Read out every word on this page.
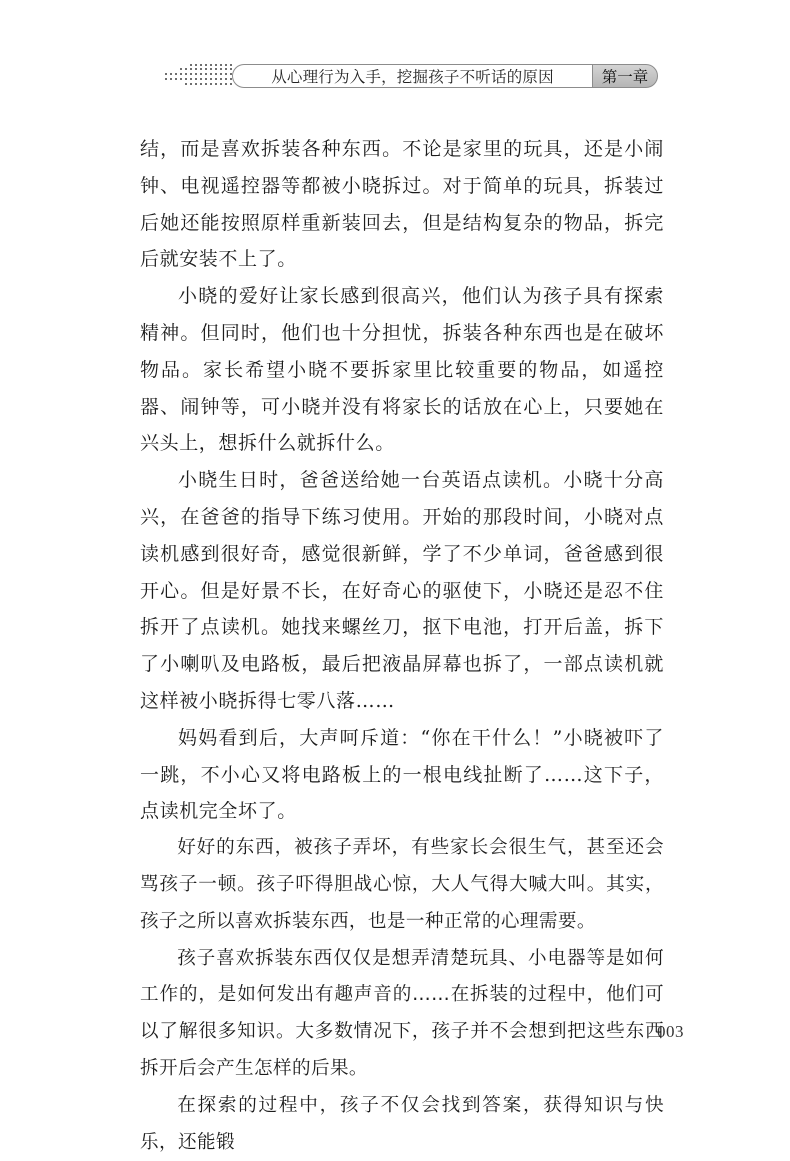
从心理行为入手，挖掘孩子不听话的原因	第一章

结，而是喜欢拆装各种东西。不论是家里的玩具，还是小闹钟、电视遥控器等都被小晓拆过。对于简单的玩具，拆装过后她还能按照原样重新装回去，但是结构复杂的物品，拆完后就安装不上了。

小晓的爱好让家长感到很高兴，他们认为孩子具有探索精神。但同时，他们也十分担忧，拆装各种东西也是在破坏物品。家长希望小晓不要拆家里比较重要的物品，如遥控器、闹钟等，可小晓并没有将家长的话放在心上，只要她在兴头上，想拆什么就拆什么。

小晓生日时，爸爸送给她一台英语点读机。小晓十分高兴，在爸爸的指导下练习使用。开始的那段时间，小晓对点读机感到很好奇，感觉很新鲜，学了不少单词，爸爸感到很开心。但是好景不长，在好奇心的驱使下，小晓还是忍不住拆开了点读机。她找来螺丝刀，抠下电池，打开后盖，拆下了小喇叭及电路板，最后把液晶屏幕也拆了，一部点读机就这样被小晓拆得七零八落……

妈妈看到后，大声呵斥道：“你在干什么！”小晓被吓了一跳，不小心又将电路板上的一根电线扯断了……这下子，点读机完全坏了。

好好的东西，被孩子弄坏，有些家长会很生气，甚至还会骂孩子一顿。孩子吓得胆战心惊，大人气得大喊大叫。其实，孩子之所以喜欢拆装东西，也是一种正常的心理需要。

孩子喜欢拆装东西仅仅是想弄清楚玩具、小电器等是如何工作的，是如何发出有趣声音的……在拆装的过程中，他们可以了解很多知识。大多数情况下，孩子并不会想到把这些东西拆开后会产生怎样的后果。

在探索的过程中，孩子不仅会找到答案，获得知识与快乐，还能锻

003
